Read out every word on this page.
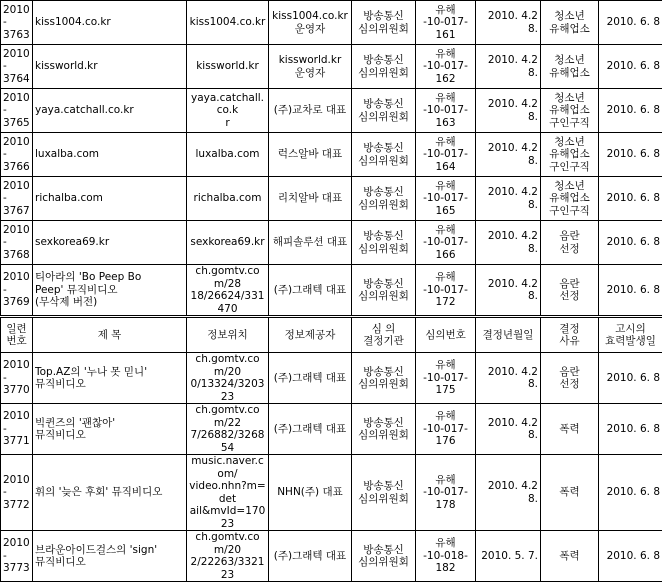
2010-
3763	kiss1004.co.kr	kiss1004.co.kr	kiss1004.co.kr
운영자	방송통신
심의위원회	유해
-10-017-
161	2010. 4.28.	청소년
유해업소	2010. 6. 8
2010-
3764	kissworld.kr	kissworld.kr	kissworld.kr
운영자	방송통신
심의위원회	유해
-10-017-
162	2010. 4.28.	청소년
유해업소	2010. 6. 8
2010-
3765	yaya.catchall.co.kr	yaya.catchall.co.k
r	(주)교차로 대표	방송통신
심의위원회	유해
-10-017-
163	2010. 4.28.	청소년
유해업소
구인구직	2010. 6. 8
2010-
3766	luxalba.com	luxalba.com	럭스알바 대표	방송통신
심의위원회	유해
-10-017-
164	2010. 4.28.	청소년
유해업소
구인구직	2010. 6. 8
2010-
3767	richalba.com	richalba.com	리치알바 대표	방송통신
심의위원회	유해
-10-017-
165	2010. 4.28.	청소년
유해업소
구인구직	2010. 6. 8
2010-
3768	sexkorea69.kr	sexkorea69.kr	해피솔루션 대표	방송통신
심의위원회	유해
-10-017-
166	2010. 4.28.	음란
선정	2010. 6. 8
2010-
3769	티아라의 'Bo Peep Bo
Peep' 뮤직비디오
(무삭제 버전)	ch.gomtv.com/28
18/26624/331470	(주)그래텍 대표	방송통신
심의위원회	유해
-10-017-
172	2010. 4.28.	음란
선정	2010. 6. 8
일련
번호	제 목	정보위치	정보제공자	심 의
결정기관	심의번호	결정년월일	결정
사유	고시의
효력발생일
2010-
3770	Top.AZ의 '누나 못 믿니'
뮤직비디오	ch.gomtv.com/20
0/13324/320323	(주)그래텍 대표	방송통신
심의위원회	유해
-10-017-
175	2010. 4.28.	음란
선정	2010. 6. 8
2010-
3771	빅퀸즈의 '괜찮아'
뮤직비디오	ch.gomtv.com/22
7/26882/326854	(주)그래텍 대표	방송통신
심의위원회	유해
-10-017-
176	2010. 4.28.	폭력	2010. 6. 8
2010-
3772	휘의 '늦은 후회' 뮤직비디오	music.naver.com/
video.nhn?m=det
ail&mvId=17023	NHN(주) 대표	방송통신
심의위원회	유해
-10-017-
178	2010. 4.28.	폭력	2010. 6. 8
2010-
3773	브라운아이드걸스의 'sign'
뮤직비디오	ch.gomtv.com/20
2/22263/332123	(주)그래텍 대표	방송통신
심의위원회	유해
-10-018-
182	2010. 5. 7.	폭력	2010. 6. 8
